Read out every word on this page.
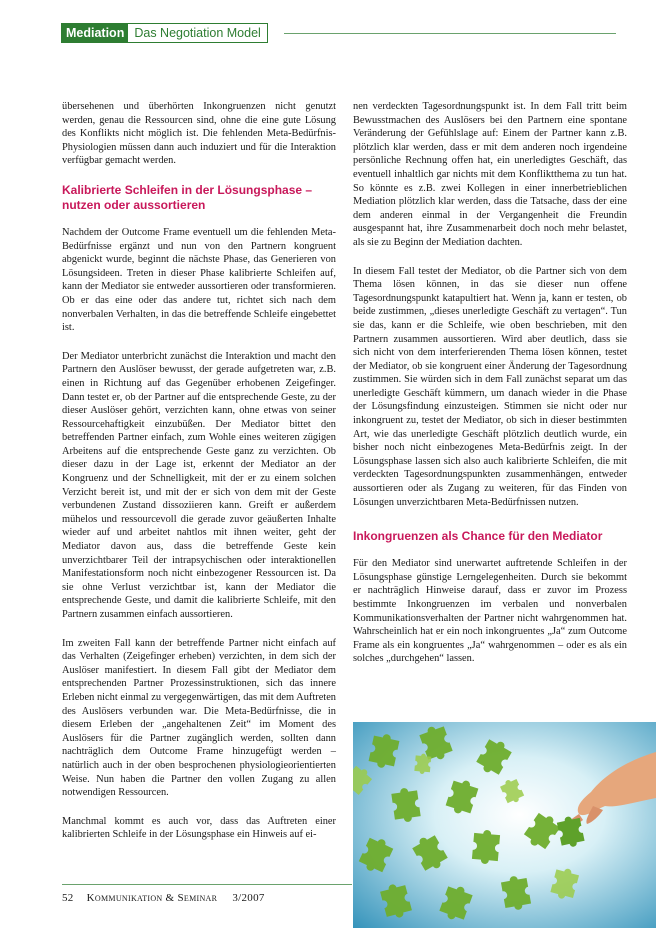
Mediation Das Negotiation Model

übersehenen und überhörten Inkongruenzen nicht genutzt werden, genau die Ressourcen sind, ohne die eine gute Lösung des Konflikts nicht möglich ist. Die fehlenden Meta-Bedürfnis-Physiologien müssen dann auch induziert und für die Interaktion verfügbar gemacht werden.

Kalibrierte Schleifen in der Lösungsphase – nutzen oder aussortieren

Nachdem der Outcome Frame eventuell um die fehlenden Meta-Bedürfnisse ergänzt und nun von den Partnern kongruent abgenickt wurde, beginnt die nächste Phase, das Generieren von Lösungsideen. Treten in dieser Phase kalibrierte Schleifen auf, kann der Mediator sie entweder aussortieren oder transformieren. Ob er das eine oder das andere tut, richtet sich nach dem nonverbalen Verhalten, in das die betreffende Schleife eingebettet ist.

Der Mediator unterbricht zunächst die Interaktion und macht den Partnern den Auslöser bewusst, der gerade aufgetreten war, z.B. einen in Richtung auf das Gegenüber erhobenen Zeigefinger. Dann testet er, ob der Partner auf die entsprechende Geste, zu der dieser Auslöser gehört, verzichten kann, ohne etwas von seiner Ressourcehaftigkeit einzubüßen. Der Mediator bittet den betreffenden Partner einfach, zum Wohle eines weiteren zügigen Arbeitens auf die entsprechende Geste ganz zu verzichten. Ob dieser dazu in der Lage ist, erkennt der Mediator an der Kongruenz und der Schnelligkeit, mit der er zu einem solchen Verzicht bereit ist, und mit der er sich von dem mit der Geste verbundenen Zustand dissoziieren kann. Greift er außerdem mühelos und ressourcevoll die gerade zuvor geäußerten Inhalte wieder auf und arbeitet nahtlos mit ihnen weiter, geht der Mediator davon aus, dass die betreffende Geste kein unverzichtbarer Teil der intrapsychischen oder interaktionellen Manifestationsform noch nicht einbezogener Ressourcen ist. Da sie ohne Verlust verzichtbar ist, kann der Mediator die entsprechende Geste, und damit die kalibrierte Schleife, mit den Partnern zusammen einfach aussortieren.

Im zweiten Fall kann der betreffende Partner nicht einfach auf das Verhalten (Zeigefinger erheben) verzichten, in dem sich der Auslöser manifestiert. In diesem Fall gibt der Mediator dem entsprechenden Partner Prozessinstruktionen, sich das innere Erleben nicht einmal zu vergegenwärtigen, das mit dem Auftreten des Auslösers verbunden war. Die Meta-Bedürfnisse, die in diesem Erleben der „angehaltenen Zeit“ im Moment des Auslösers für die Partner zugänglich werden, sollten dann nachträglich dem Outcome Frame hinzugefügt werden – natürlich auch in der oben besprochenen physiologieorientierten Weise. Nun haben die Partner den vollen Zugang zu allen notwendigen Ressourcen.

Manchmal kommt es auch vor, dass das Auftreten einer kalibrierten Schleife in der Lösungsphase ein Hinweis auf ei-

nen verdeckten Tagesordnungspunkt ist. In dem Fall tritt beim Bewusstmachen des Auslösers bei den Partnern eine spontane Veränderung der Gefühlslage auf: Einem der Partner kann z.B. plötzlich klar werden, dass er mit dem anderen noch irgendeine persönliche Rechnung offen hat, ein unerledigtes Geschäft, das eventuell inhaltlich gar nichts mit dem Konfliktthema zu tun hat. So könnte es z.B. zwei Kollegen in einer innerbetrieblichen Mediation plötzlich klar werden, dass die Tatsache, dass der eine dem anderen einmal in der Vergangenheit die Freundin ausgespannt hat, ihre Zusammenarbeit doch noch mehr belastet, als sie zu Beginn der Mediation dachten.

In diesem Fall testet der Mediator, ob die Partner sich von dem Thema lösen können, in das sie dieser nun offene Tagesordnungspunkt katapultiert hat. Wenn ja, kann er testen, ob beide zustimmen, „dieses unerledigte Geschäft zu vertagen“. Tun sie das, kann er die Schleife, wie oben beschrieben, mit den Partnern zusammen aussortieren. Wird aber deutlich, dass sie sich nicht von dem interferierenden Thema lösen können, testet der Mediator, ob sie kongruent einer Änderung der Tagesordnung zustimmen. Sie würden sich in dem Fall zunächst separat um das unerledigte Geschäft kümmern, um danach wieder in die Phase der Lösungsfindung einzusteigen. Stimmen sie nicht oder nur inkongruent zu, testet der Mediator, ob sich in dieser bestimmten Art, wie das unerledigte Geschäft plötzlich deutlich wurde, ein bisher noch nicht einbezogenes Meta-Bedürfnis zeigt. In der Lösungsphase lassen sich also auch kalibrierte Schleifen, die mit verdeckten Tagesordnungspunkten zusammenhängen, entweder aussortieren oder als Zugang zu weiteren, für das Finden von Lösungen unverzichtbaren Meta-Bedürfnissen nutzen.

Inkongruenzen als Chance für den Mediator

Für den Mediator sind unerwartet auftretende Schleifen in der Lösungsphase günstige Lerngelegenheiten. Durch sie bekommt er nachträglich Hinweise darauf, dass er zuvor im Prozess bestimmte Inkongruenzen im verbalen und nonverbalen Kommunikationsverhalten der Partner nicht wahrgenommen hat. Wahrscheinlich hat er ein noch inkongruentes „Ja“ zum Outcome Frame als ein kongruentes „Ja“ wahrgenommen – oder es als ein solches „durchgehen“ lassen.

52 Kommunikation & Seminar 3/2007
